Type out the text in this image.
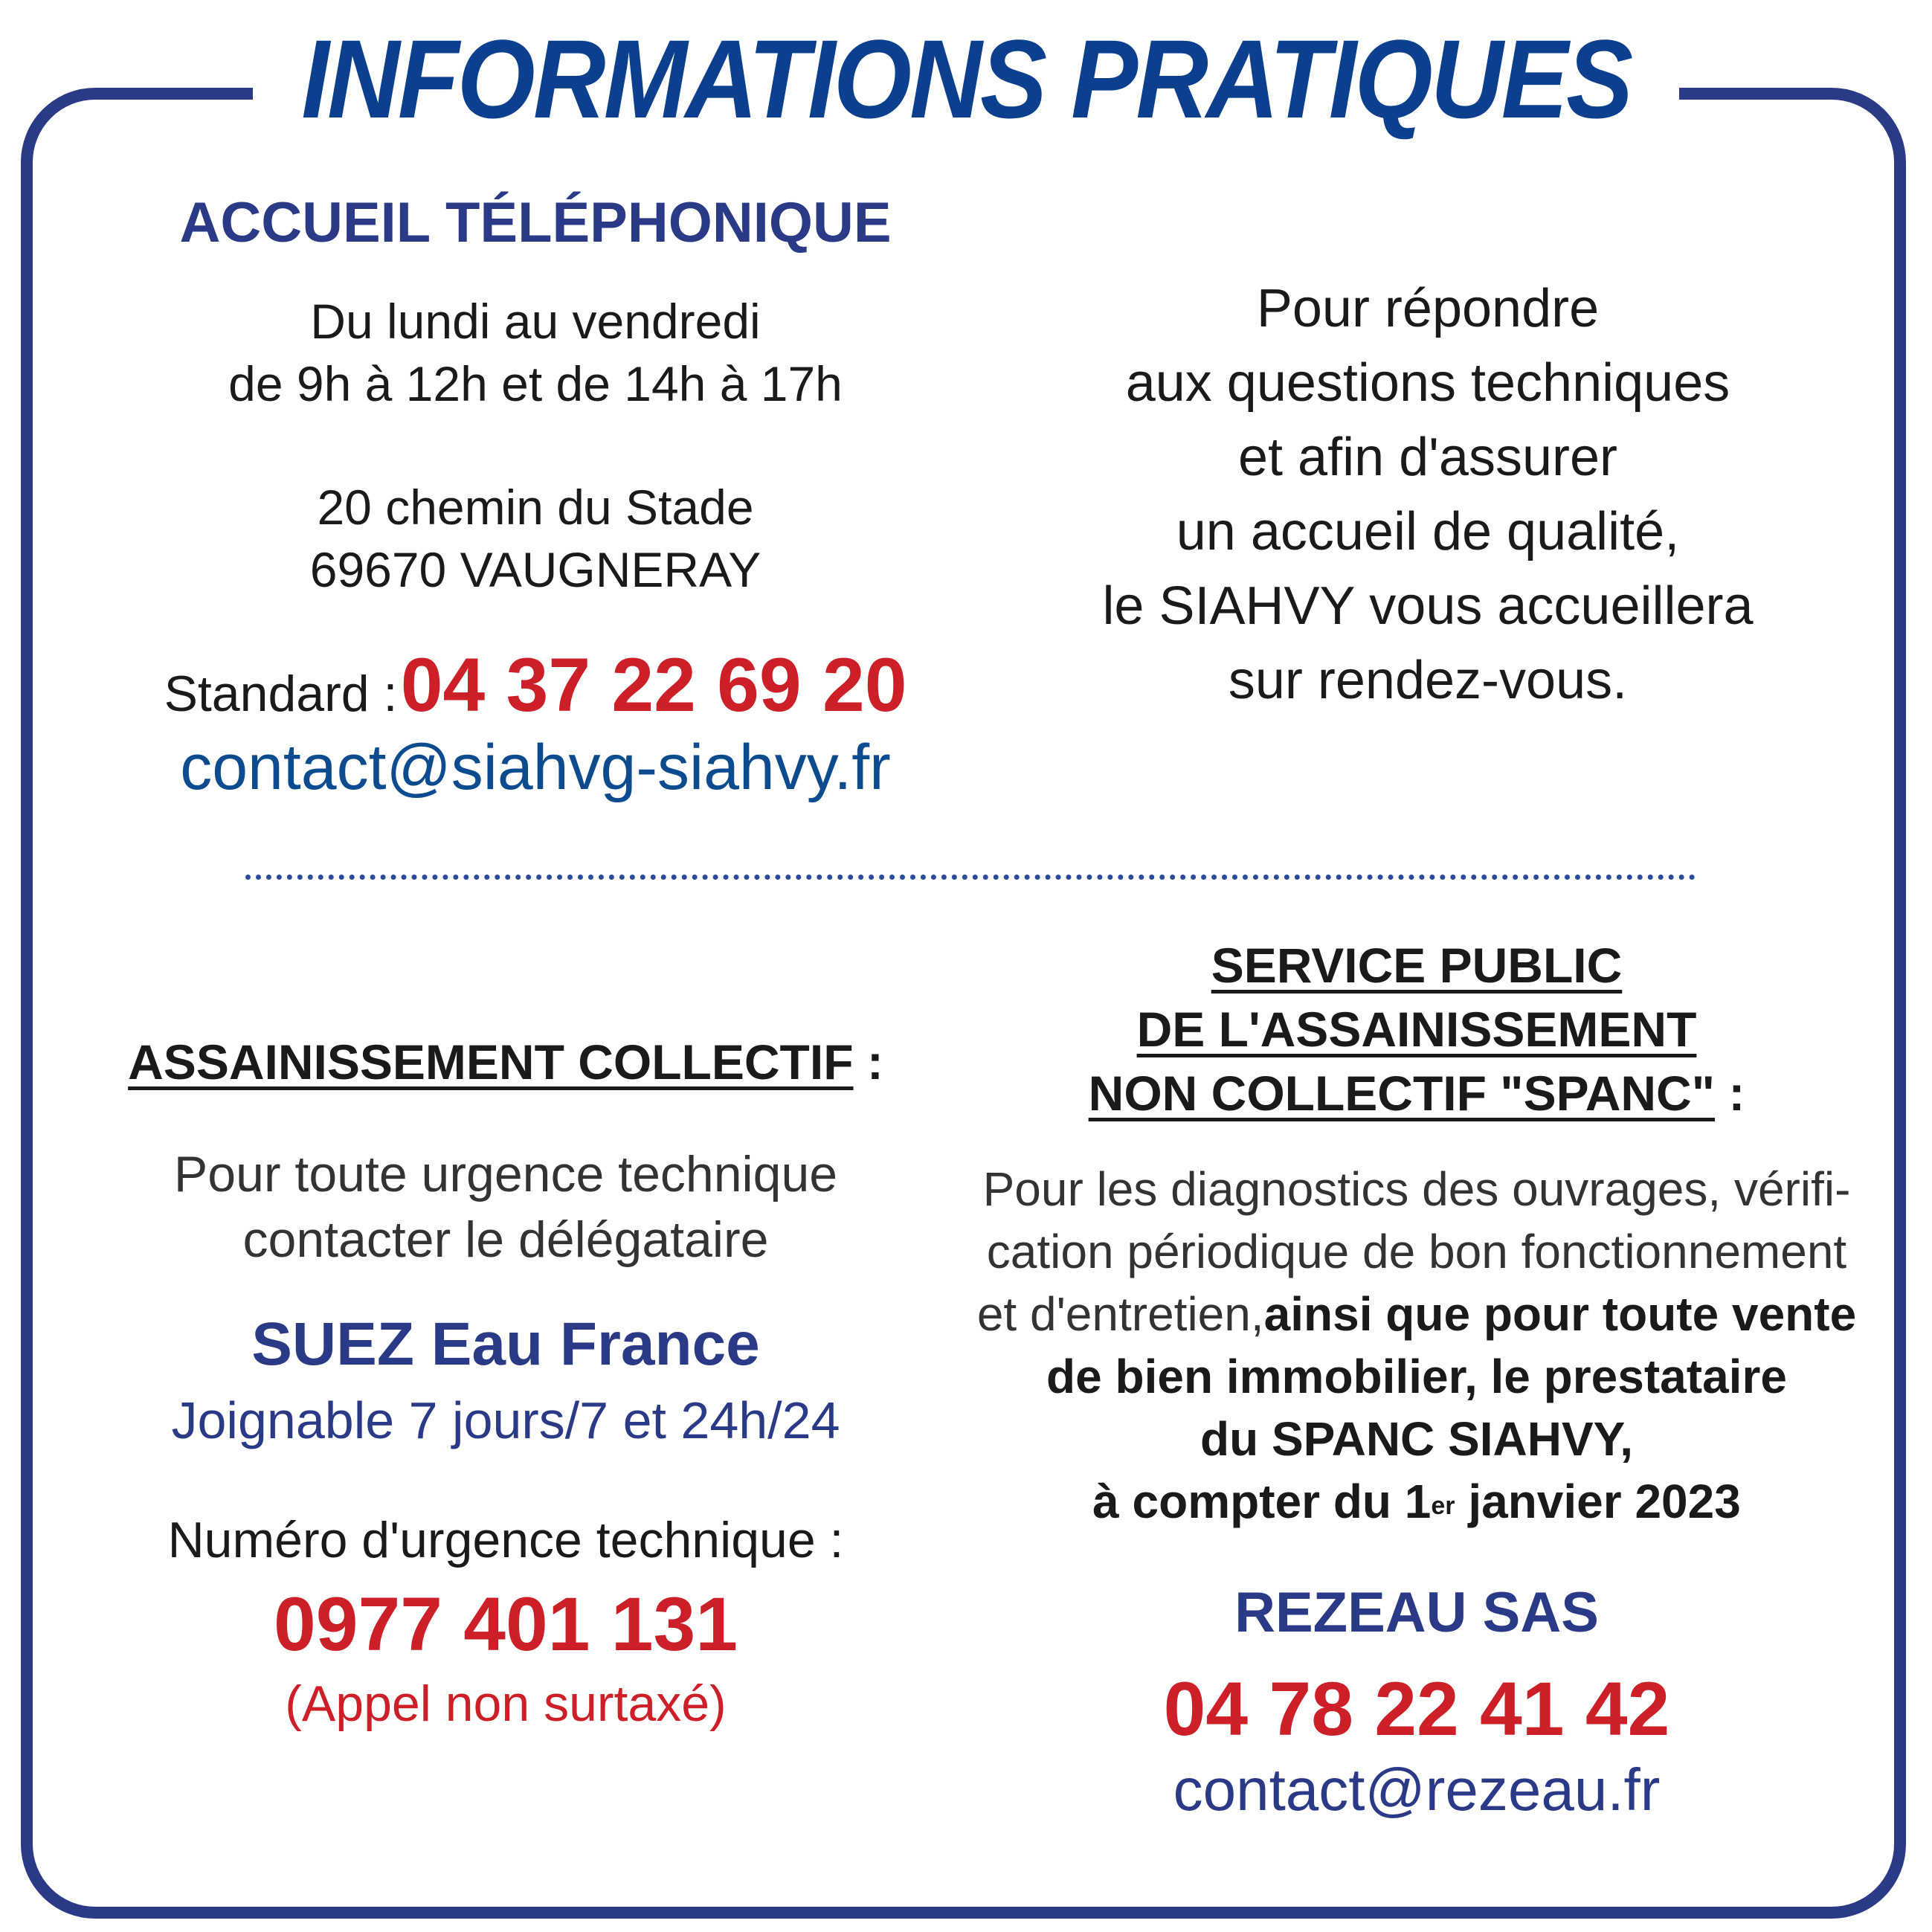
INFORMATIONS PRATIQUES
ACCUEIL TÉLÉPHONIQUE
Du lundi au vendredi
de 9h à 12h et de 14h à 17h
20 chemin du Stade
69670 VAUGNERAY
Standard : 04 37 22 69 20
contact@siahvg-siahvy.fr
Pour répondre
aux questions techniques
et afin d'assurer
un accueil de qualité,
le SIAHVY vous accueillera
sur rendez-vous.
ASSAINISSEMENT COLLECTIF :
Pour toute urgence technique
contacter le délégataire
SUEZ Eau France
Joignable 7 jours/7 et 24h/24
Numéro d'urgence technique :
0977 401 131
(Appel non surtaxé)
SERVICE PUBLIC
DE L'ASSAINISSEMENT
NON COLLECTIF "SPANC" :
Pour les diagnostics des ouvrages, vérifi-
cation périodique de bon fonctionnement
et d'entretien,ainsi que pour toute vente
de bien immobilier, le prestataire
du SPANC SIAHVY,
à compter du 1er janvier 2023
REZEAU SAS
04 78 22 41 42
contact@rezeau.fr
